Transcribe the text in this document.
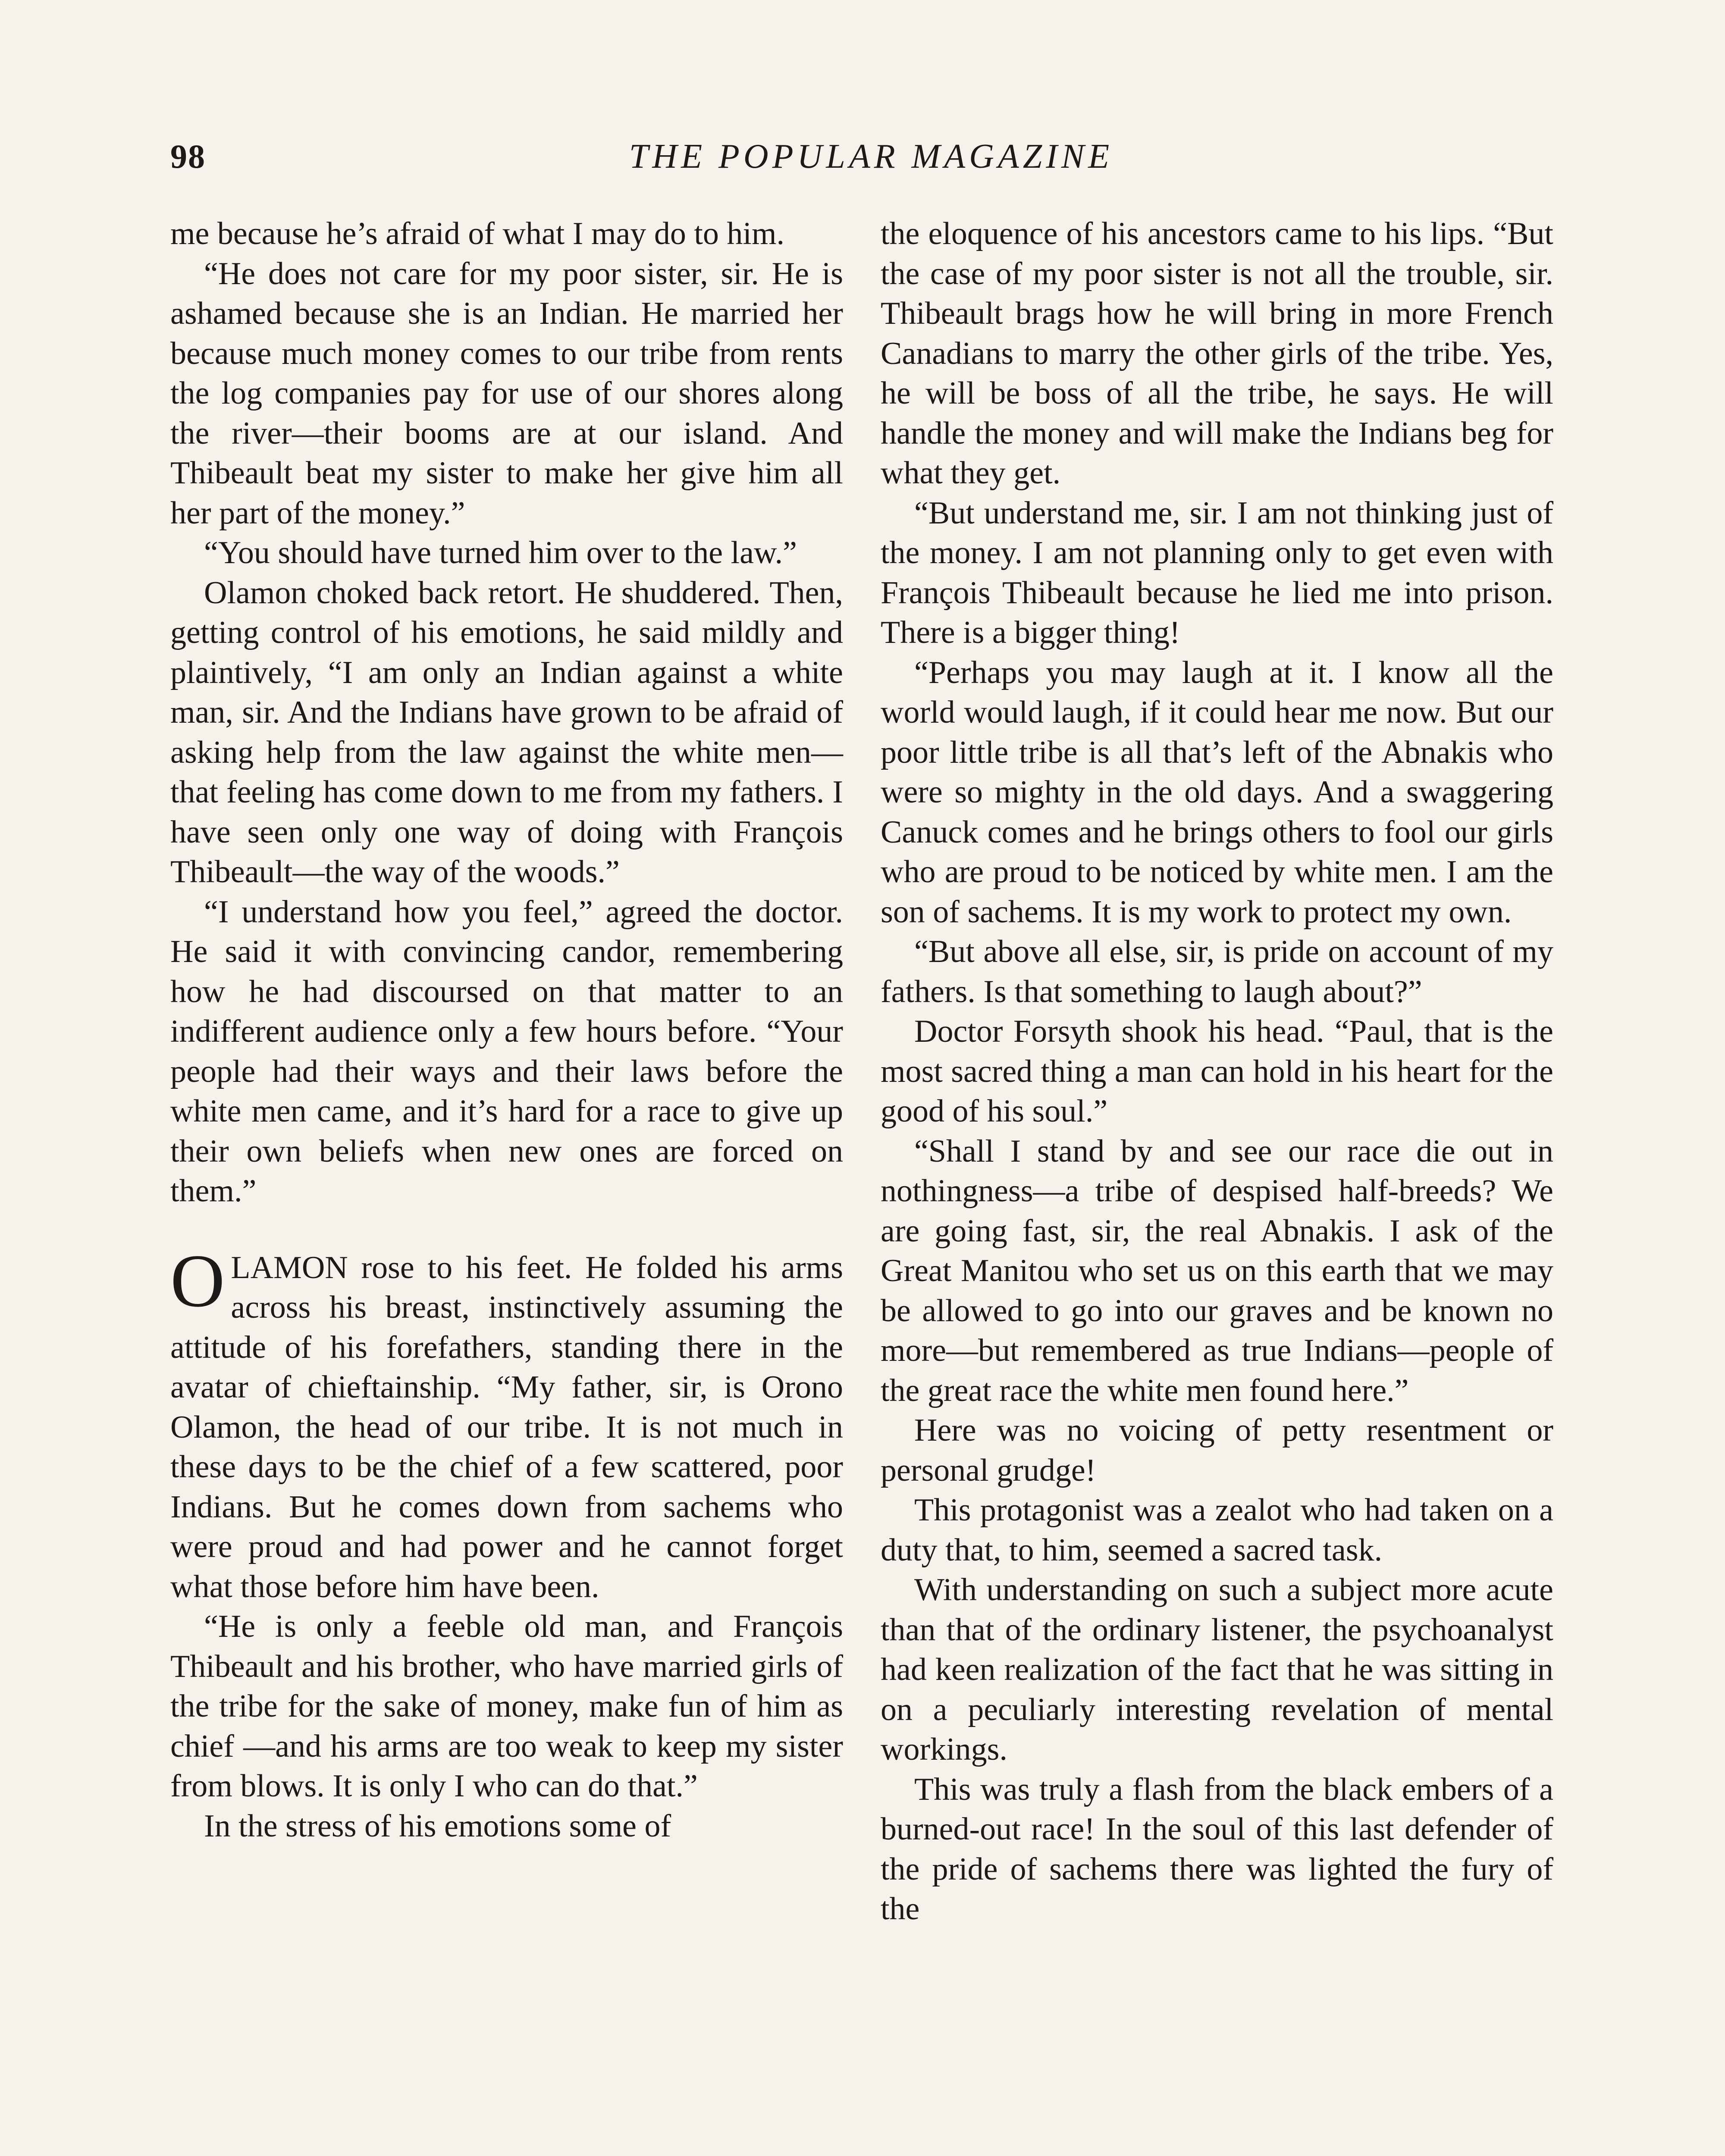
98	THE POPULAR MAGAZINE

me because he’s afraid of what I may do to him.

“He does not care for my poor sister, sir. He is ashamed because she is an Indian. He married her because much money comes to our tribe from rents the log companies pay for use of our shores along the river—their booms are at our island. And Thibeault beat my sister to make her give him all her part of the money.”

“You should have turned him over to the law.”

Olamon choked back retort. He shuddered. Then, getting control of his emotions, he said mildly and plaintively, “I am only an Indian against a white man, sir. And the Indians have grown to be afraid of asking help from the law against the white men—that feeling has come down to me from my fathers. I have seen only one way of doing with François Thibeault—the way of the woods.”

“I understand how you feel,” agreed the doctor. He said it with convincing candor, remembering how he had discoursed on that matter to an indifferent audience only a few hours before. “Your people had their ways and their laws before the white men came, and it’s hard for a race to give up their own beliefs when new ones are forced on them.”

OLAMON rose to his feet. He folded his arms across his breast, instinctively assuming the attitude of his forefathers, standing there in the avatar of chieftainship. “My father, sir, is Orono Olamon, the head of our tribe. It is not much in these days to be the chief of a few scattered, poor Indians. But he comes down from sachems who were proud and had power and he cannot forget what those before him have been.

“He is only a feeble old man, and François Thibeault and his brother, who have married girls of the tribe for the sake of money, make fun of him as chief —and his arms are too weak to keep my sister from blows. It is only I who can do that.”

In the stress of his emotions some of

the eloquence of his ancestors came to his lips. “But the case of my poor sister is not all the trouble, sir. Thibeault brags how he will bring in more French Canadians to marry the other girls of the tribe. Yes, he will be boss of all the tribe, he says. He will handle the money and will make the Indians beg for what they get.

“But understand me, sir. I am not thinking just of the money. I am not planning only to get even with François Thibeault because he lied me into prison. There is a bigger thing!

“Perhaps you may laugh at it. I know all the world would laugh, if it could hear me now. But our poor little tribe is all that’s left of the Abnakis who were so mighty in the old days. And a swaggering Canuck comes and he brings others to fool our girls who are proud to be noticed by white men. I am the son of sachems. It is my work to protect my own.

“But above all else, sir, is pride on account of my fathers. Is that something to laugh about?”

Doctor Forsyth shook his head. “Paul, that is the most sacred thing a man can hold in his heart for the good of his soul.”

“Shall I stand by and see our race die out in nothingness—a tribe of despised half-breeds? We are going fast, sir, the real Abnakis. I ask of the Great Manitou who set us on this earth that we may be allowed to go into our graves and be known no more—but remembered as true Indians—people of the great race the white men found here.”

Here was no voicing of petty resentment or personal grudge!

This protagonist was a zealot who had taken on a duty that, to him, seemed a sacred task.

With understanding on such a subject more acute than that of the ordinary listener, the psychoanalyst had keen realization of the fact that he was sitting in on a peculiarly interesting revelation of mental workings.

This was truly a flash from the black embers of a burned-out race! In the soul of this last defender of the pride of sachems there was lighted the fury of the
